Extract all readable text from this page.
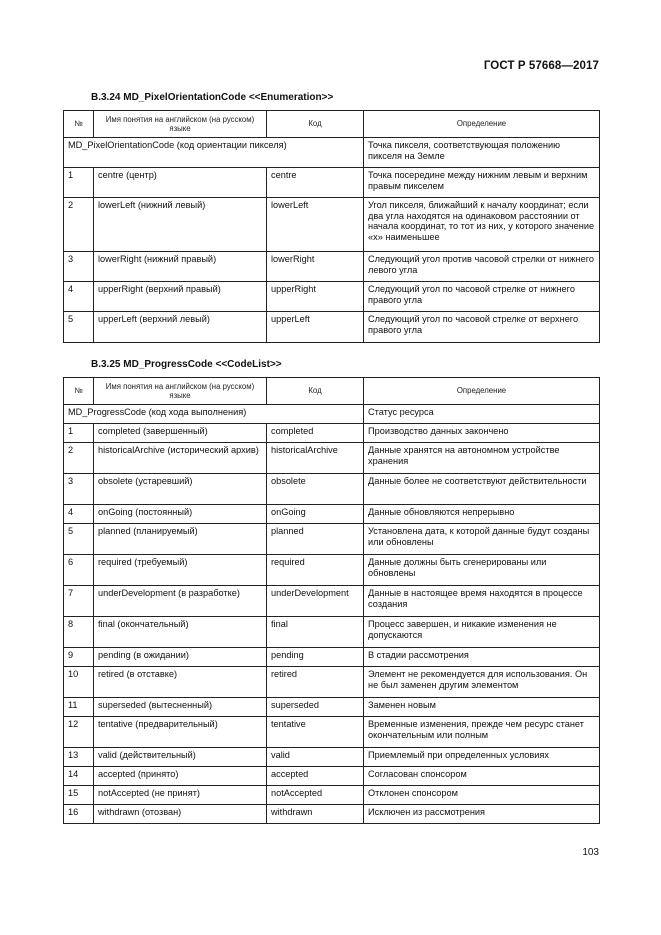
ГОСТ Р 57668—2017
B.3.24 MD_PixelOrientationCode <<Enumeration>>
№	Имя понятия на английском (на русском) языке	Код	Определение
MD_PixelOrientationCode (код ориентации пикселя)			Точка пикселя, соответствующая положению пикселя на Земле
1	centre (центр)	centre	Точка посередине между нижним левым и верхним правым пикселем
2	lowerLeft (нижний левый)	lowerLeft	Угол пикселя, ближайший к началу координат; если два угла находятся на одинаковом расстоянии от начала координат, то тот из них, у которого значение «x» наименьшее
3	lowerRight (нижний правый)	lowerRight	Следующий угол против часовой стрелки от нижнего левого угла
4	upperRight (верхний правый)	upperRight	Следующий угол по часовой стрелке от нижнего правого угла
5	upperLeft (верхний левый)	upperLeft	Следующий угол по часовой стрелке от верхнего правого угла
B.3.25 MD_ProgressCode <<CodeList>>
№	Имя понятия на английском (на русском) языке	Код	Определение
MD_ProgressCode (код хода выполнения)			Статус ресурса
1	completed (завершенный)	completed	Производство данных закончено
2	historicalArchive (исторический архив)	historicalArchive	Данные хранятся на автономном устройстве хранения
3	obsolete (устаревший)	obsolete	Данные более не соответствуют действительности
4	onGoing (постоянный)	onGoing	Данные обновляются непрерывно
5	planned (планируемый)	planned	Установлена дата, к которой данные будут созданы или обновлены
6	required (требуемый)	required	Данные должны быть сгенерированы или обновлены
7	underDevelopment (в разработке)	underDevelopment	Данные в настоящее время находятся в процессе создания
8	final (окончательный)	final	Процесс завершен, и никакие изменения не допускаются
9	pending (в ожидании)	pending	В стадии рассмотрения
10	retired (в отставке)	retired	Элемент не рекомендуется для использования. Он не был заменен другим элементом
11	superseded (вытесненный)	superseded	Заменен новым
12	tentative (предварительный)	tentative	Временные изменения, прежде чем ресурс станет окончательным или полным
13	valid (действительный)	valid	Приемлемый при определенных условиях
14	accepted (принято)	accepted	Согласован спонсором
15	notAccepted (не принят)	notAccepted	Отклонен спонсором
16	withdrawn (отозван)	withdrawn	Исключен из рассмотрения
103
